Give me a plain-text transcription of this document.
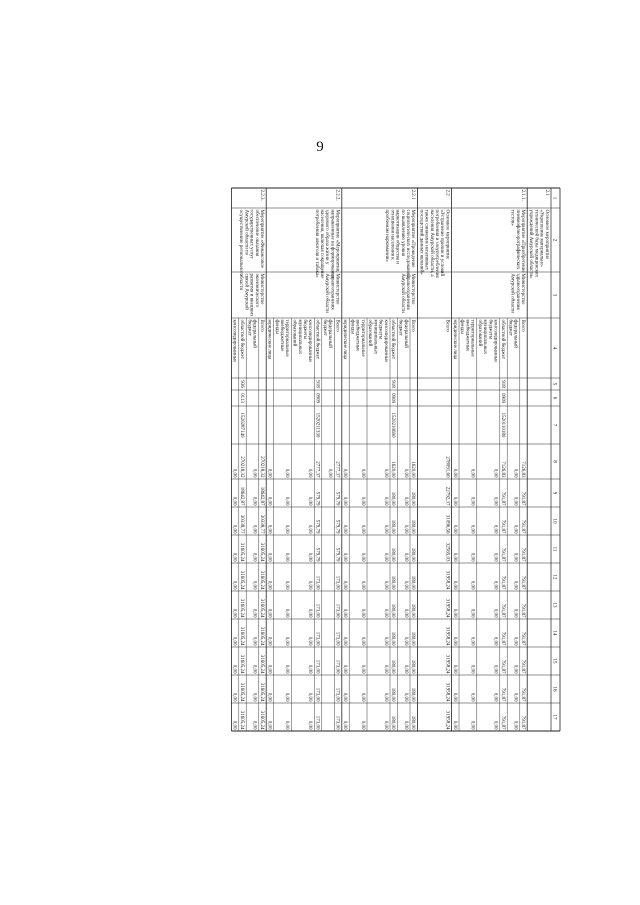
9
1
2
3
4
5
6
7
8
9
10
11
12
13
14
15
16
17
2.1
Основное мероприятие
«Укрепление материально-
технической базы медицинских
учреждений Амурской области»
2.1.1.
Мероприятие «Приобретение
пневмофлюорографических
тестов»
Министерство
здравоохранения
Амурской области
Всего
7126,83
791,87
791,87
791,87
791,87
791,87
791,87
791,87
791,87
791,87
федеральный
бюджет
0,00
0,00
0,00
0,00
0,00
0,00
0,00
0,00
0,00
0,00
областной бюджет
918
0909
1520110180
7126,83
791,87
791,87
791,87
791,87
791,87
791,87
791,87
791,87
791,87
консолидированные
бюджеты
муниципальных
образований
0,00
0,00
0,00
0,00
0,00
0,00
0,00
0,00
0,00
0,00
территориальные
внебюджетные
фонды
0,00
0,00
0,00
0,00
0,00
0,00
0,00
0,00
0,00
0,00
юридические лица
0,00
0,00
0,00
0,00
0,00
0,00
0,00
0,00
0,00
0,00
2.2
Основное мероприятие
«Устранение причин и условий
потребления и злоупотребления
населения Амурской области, а
также снижение негативных
последствий данных явлений»
Всего
278091,60
22792,37
31096,56
32565,03
31958,24
31958,24
31958,24
31958,24
31958,24
31958,24
2.2.1
Мероприятие «Проведение
социологических исследований
по выявлению уровня
наркотизации общества и
отношения населения к
проблемам наркомании»
Министерство
здравоохранения
Амурской области
Всего
1620,00
180,00
180,00
180,00
180,00
180,00
180,00
180,00
180,00
180,00
федеральный
бюджет
0,00
0,00
0,00
0,00
0,00
0,00
0,00
0,00
0,00
0,00
областной бюджет
918
0909
1520210690
1620,00
180,00
180,00
180,00
180,00
180,00
180,00
180,00
180,00
180,00
консолидированные
бюджеты
муниципальных
образований
0,00
0,00
0,00
0,00
0,00
0,00
0,00
0,00
0,00
0,00
территориальные
внебюджетные
фонды
0,00
0,00
0,00
0,00
0,00
0,00
0,00
0,00
0,00
0,00
юридические лица
0,00
0,00
0,00
0,00
0,00
0,00
0,00
0,00
0,00
0,00
2.2.2.
Мероприятие «Мероприятия,
направленные на формирование
здорового образа жизни у
населения, включая сокращение
потребления алкоголя и табака»
Министерство
здравоохранения
Амурской области
Всего
2777,37
579,79
579,79
579,79
173,00
173,00
173,00
173,00
173,00
173,00
федеральный
бюджет
0,00
областной бюджет
918
0909
1520211330
2777,37
579,79
579,79
579,79
173,00
173,00
173,00
173,00
173,00
173,00
консолидированные
бюджеты
муниципальных
образований
0,00
0,00
0,00
0,00
0,00
0,00
0,00
0,00
0,00
0,00
территориальные
внебюджетные
фонды
0,00
0,00
0,00
0,00
0,00
0,00
0,00
0,00
0,00
0,00
юридические лица
0,00
0,00
0,00
0,00
0,00
0,00
0,00
0,00
0,00
0,00
2.2.3.
Мероприятие «Финансовое
обеспечение оказания
государственных услуг
Амурской области по
осуществлению регионального
Министерство
экономического
развития и внешних
связей Амурской
области
Всего
270218,32
18642,87
30338,77
31605,24
31605,24
31605,24
31605,24
31605,24
31605,24
31605,24
федеральный
бюджет
0,00
0,00
0,00
0,00
0,00
0,00
0,00
0,00
0,00
0,00
областной бюджет
936
0113
1520287140
270218,32
18642,87
30338,77
31605,24
31605,24
31605,24
31605,24
31605,24
31605,24
31605,24
консолидированные
0,00
0,00
0,00
0,00
0,00
0,00
0,00
0,00
0,00
0,00
